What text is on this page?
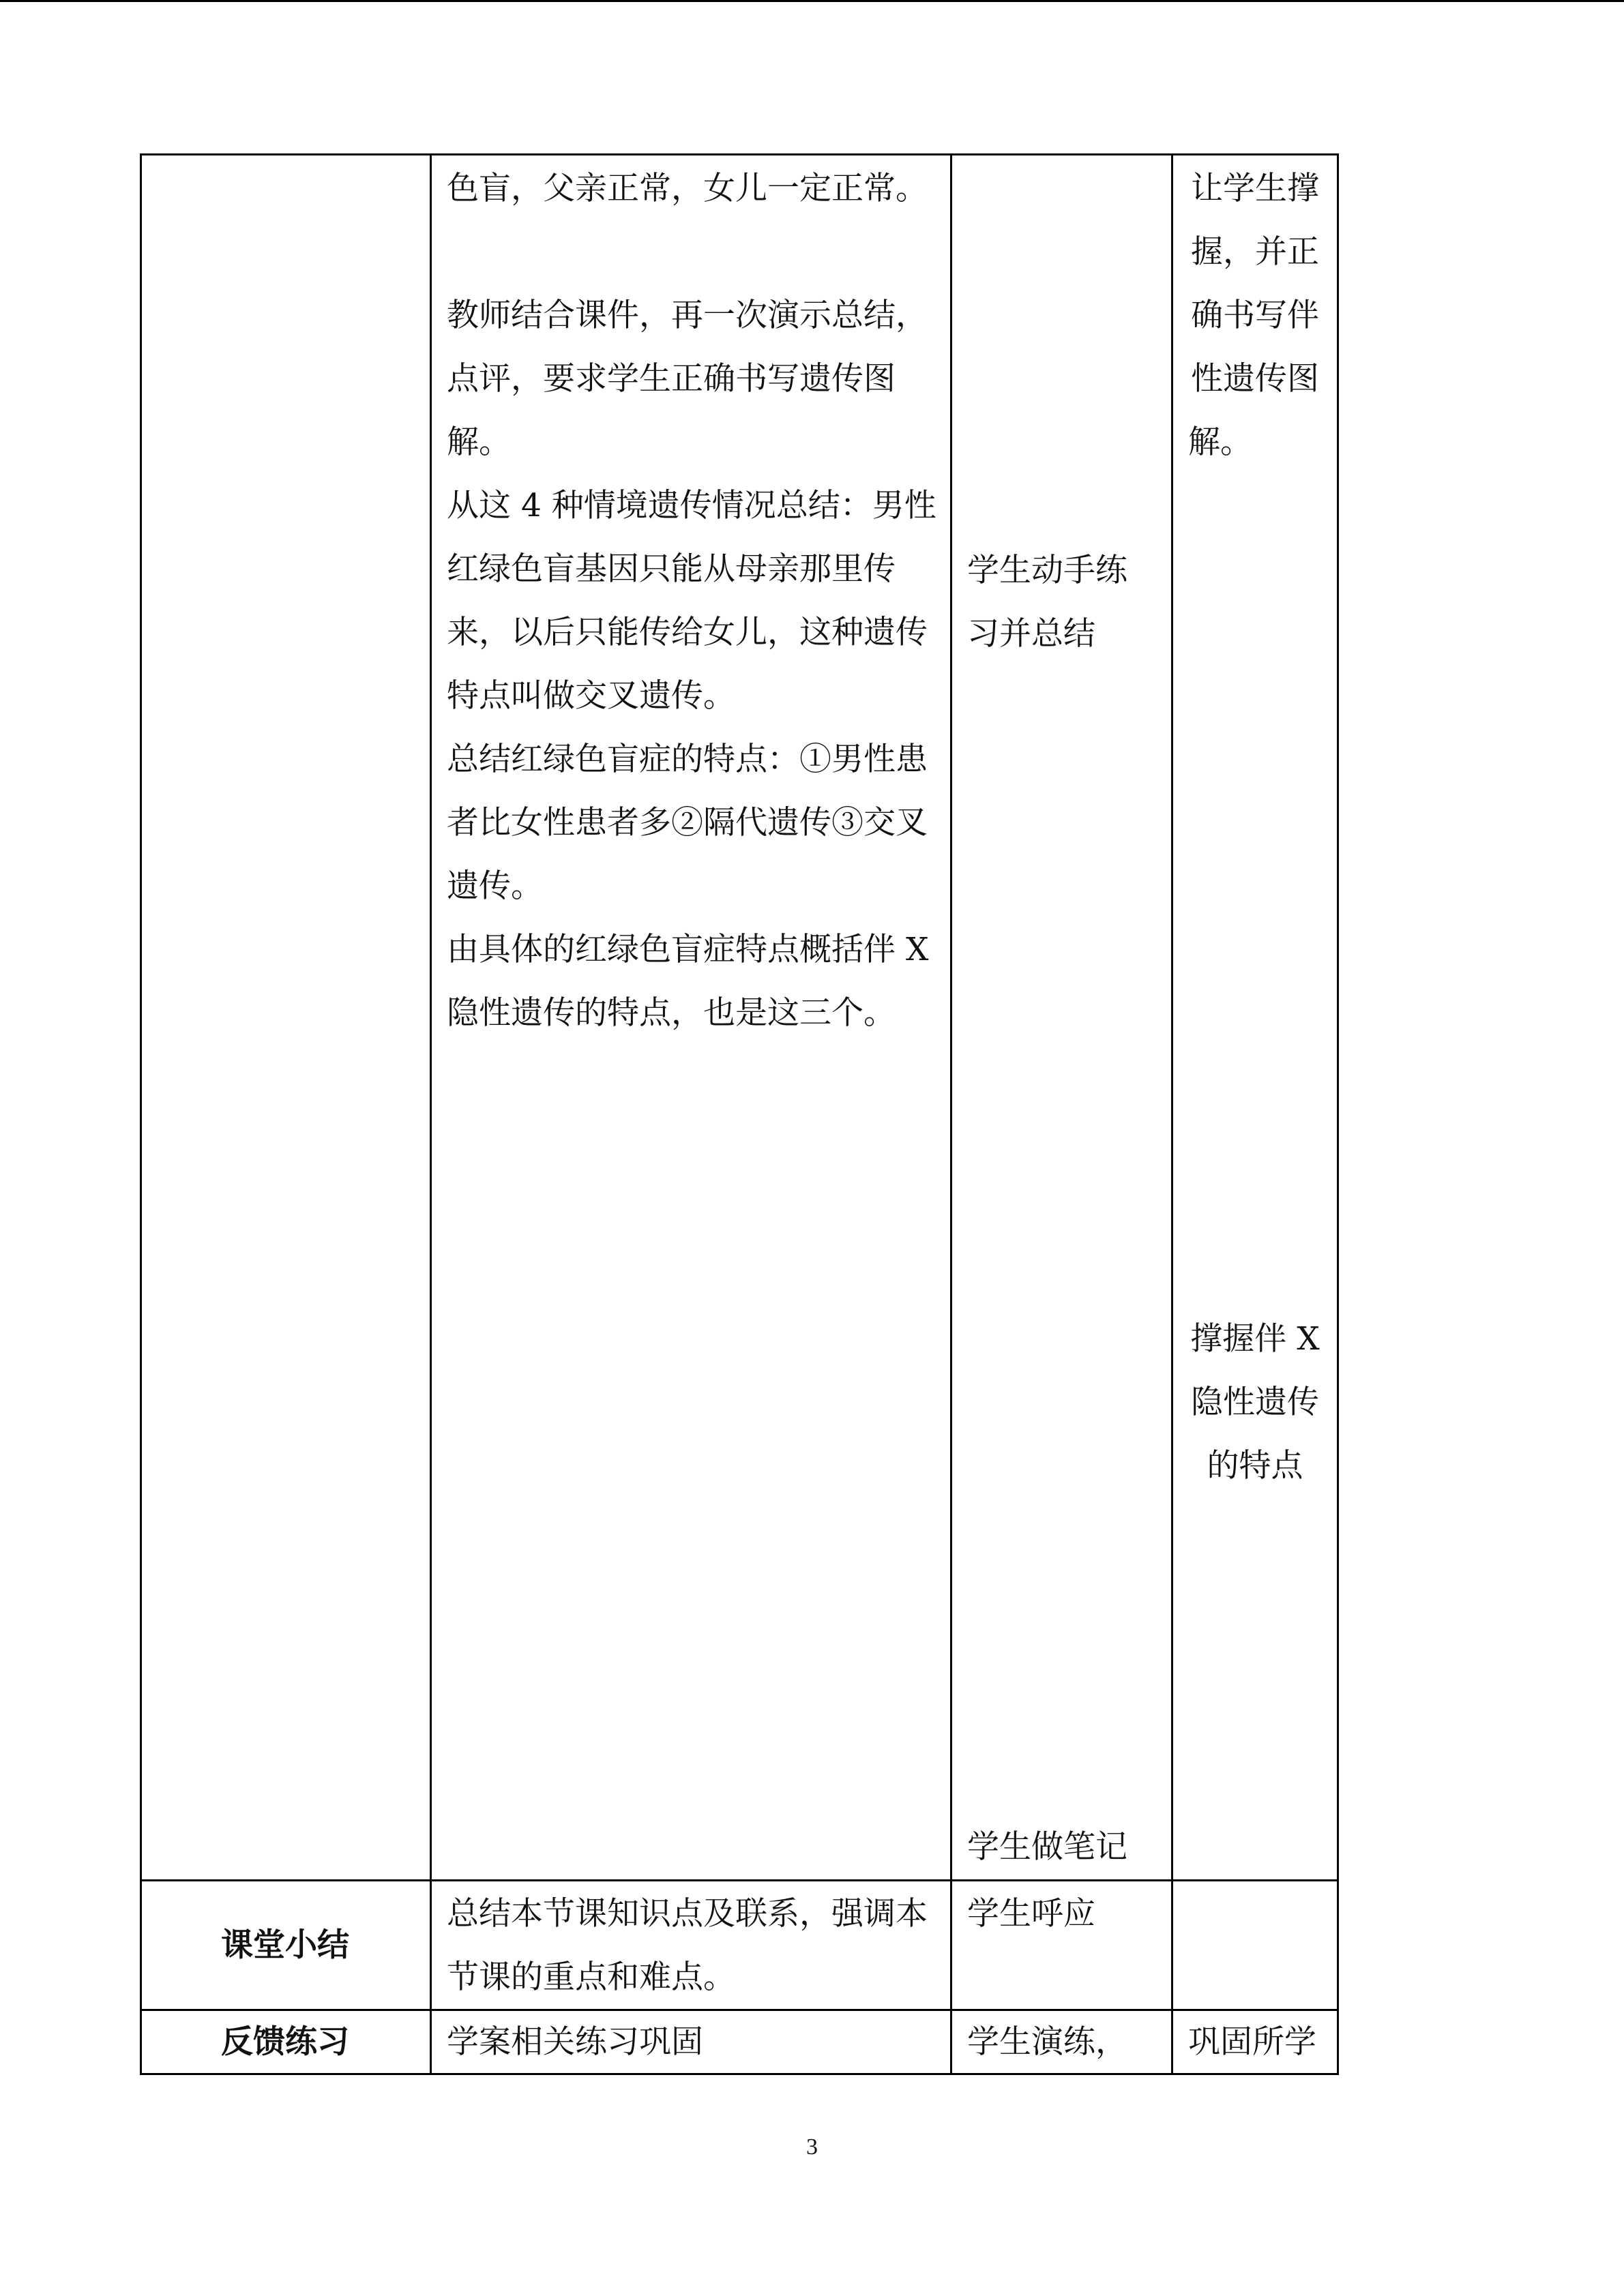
色盲，父亲正常，女儿一定正常。
教师结合课件，再一次演示总结，
点评，要求学生正确书写遗传图
解。
从这 4 种情境遗传情况总结：男性
红绿色盲基因只能从母亲那里传
来，以后只能传给女儿，这种遗传
特点叫做交叉遗传。
总结红绿色盲症的特点：①男性患
者比女性患者多②隔代遗传③交叉
遗传。
由具体的红绿色盲症特点概括伴 X
隐性遗传的特点，也是这三个。
学生动手练
习并总结
学生做笔记
让学生撑
握，并正
确书写伴
性遗传图
解。
撑握伴 X
隐性遗传
的特点
课堂小结
总结本节课知识点及联系，强调本
节课的重点和难点。
学生呼应
反馈练习	学案相关练习巩固	学生演练， 巩固所学
3
